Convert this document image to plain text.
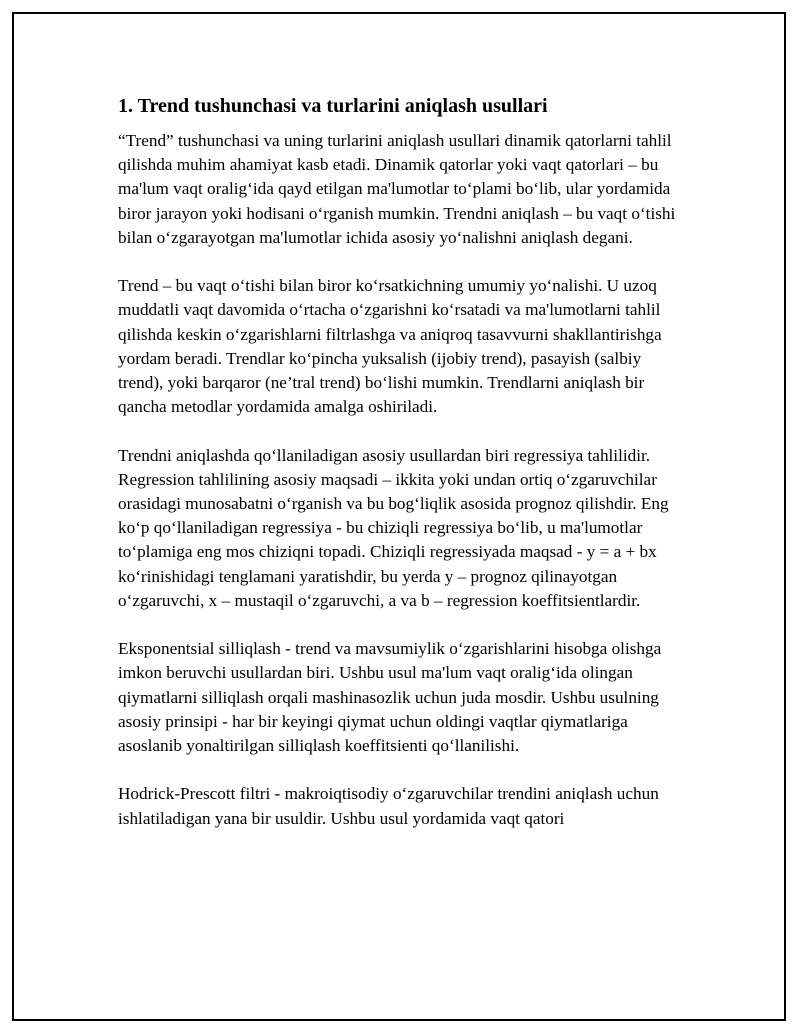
1. Trend tushunchasi va turlarini aniqlash usullari

“Trend” tushunchasi va uning turlarini aniqlash usullari dinamik qatorlarni tahlil qilishda muhim ahamiyat kasb etadi. Dinamik qatorlar yoki vaqt qatorlari – bu ma'lum vaqt oralig‘ida qayd etilgan ma'lumotlar to‘plami bo‘lib, ular yordamida biror jarayon yoki hodisani o‘rganish mumkin. Trendni aniqlash – bu vaqt o‘tishi bilan o‘zgarayotgan ma'lumotlar ichida asosiy yo‘nalishni aniqlash degani.

Trend – bu vaqt o‘tishi bilan biror ko‘rsatkichning umumiy yo‘nalishi. U uzoq muddatli vaqt davomida o‘rtacha o‘zgarishni ko‘rsatadi va ma'lumotlarni tahlil qilishda keskin o‘zgarishlarni filtrlashga va aniqroq tasavvurni shakllantirishga yordam beradi. Trendlar ko‘pincha yuksalish (ijobiy trend), pasayish (salbiy trend), yoki barqaror (ne’tral trend) bo‘lishi mumkin. Trendlarni aniqlash bir qancha metodlar yordamida amalga oshiriladi.

Trendni aniqlashda qo‘llaniladigan asosiy usullardan biri regressiya tahlilidir. Regression tahlilining asosiy maqsadi – ikkita yoki undan ortiq o‘zgaruvchilar orasidagi munosabatni o‘rganish va bu bog‘liqlik asosida prognoz qilishdir. Eng ko‘p qo‘llaniladigan regressiya - bu chiziqli regressiya bo‘lib, u ma'lumotlar to‘plamiga eng mos chiziqni topadi. Chiziqli regressiyada maqsad - y = a + bx ko‘rinishidagi tenglamani yaratishdir, bu yerda y – prognoz qilinayotgan o‘zgaruvchi, x – mustaqil o‘zgaruvchi, a va b – regression koeffitsientlardir.

Eksponentsial silliqlash - trend va mavsumiylik o‘zgarishlarini hisobga olishga imkon beruvchi usullardan biri. Ushbu usul ma'lum vaqt oralig‘ida olingan qiymatlarni silliqlash orqali mashinasozlik uchun juda mosdir. Ushbu usulning asosiy prinsipi - har bir keyingi qiymat uchun oldingi vaqtlar qiymatlariga asoslanib yonaltirilgan silliqlash koeffitsienti qo‘llanilishi.

Hodrick-Prescott filtri - makroiqtisodiy o‘zgaruvchilar trendini aniqlash uchun ishlatiladigan yana bir usuldir. Ushbu usul yordamida vaqt qatori
